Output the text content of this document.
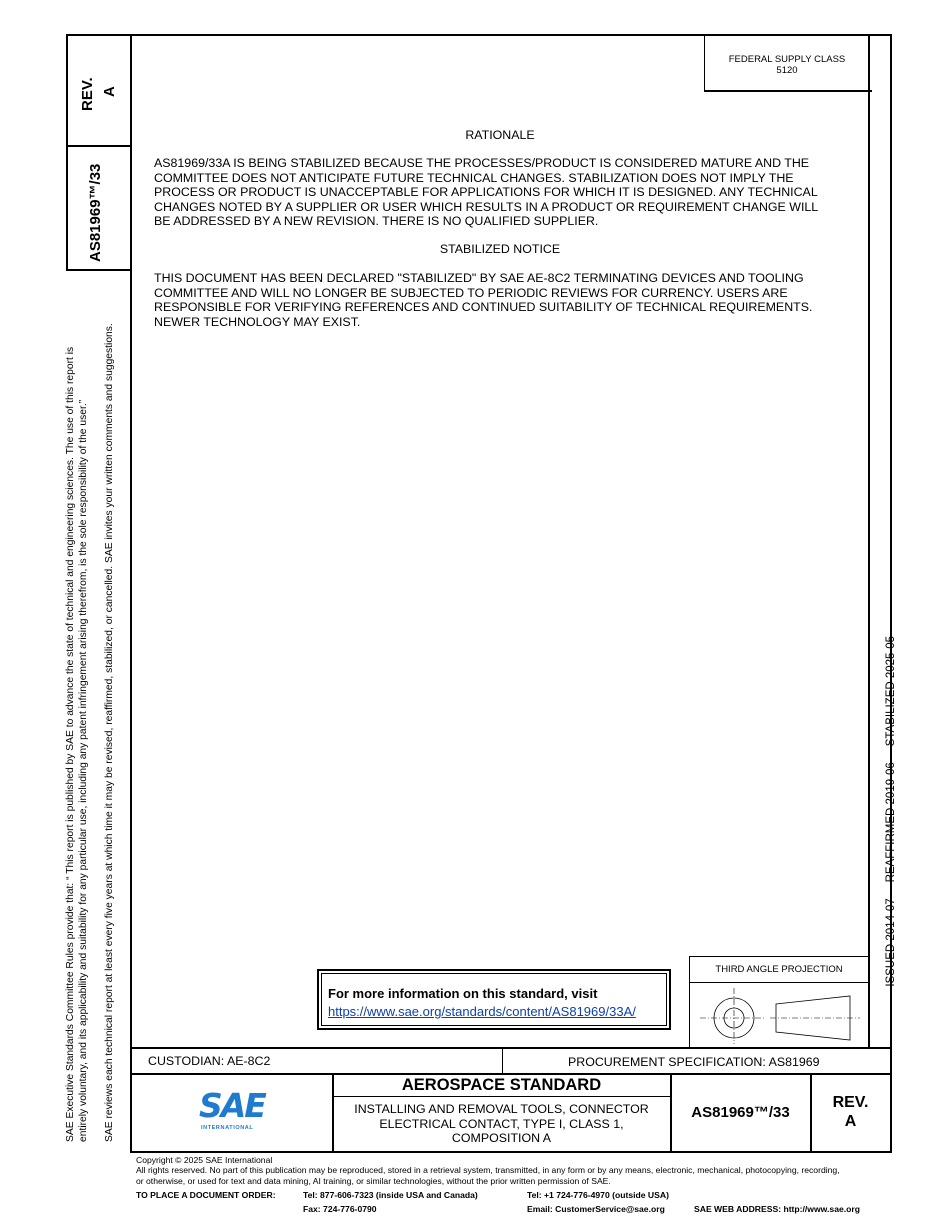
FEDERAL SUPPLY CLASS
5120
REV. A
AS81969™/33
SAE Executive Standards Committee Rules provide that: “ This report is published by SAE to advance the state of technical and engineering sciences. The use of this report is entirely voluntary, and its applicability and suitability for any particular use, including any patent infringement arising therefrom, is the sole responsibility of the user.” SAE reviews each technical report at least every five years at which time it may be revised, reaffirmed, stabilized, or cancelled. SAE invites your written comments and suggestions.
RATIONALE
AS81969/33A IS BEING STABILIZED BECAUSE THE PROCESSES/PRODUCT IS CONSIDERED MATURE AND THE
COMMITTEE DOES NOT ANTICIPATE FUTURE TECHNICAL CHANGES. STABILIZATION DOES NOT IMPLY THE
PROCESS OR PRODUCT IS UNACCEPTABLE FOR APPLICATIONS FOR WHICH IT IS DESIGNED. ANY TECHNICAL
CHANGES NOTED BY A SUPPLIER OR USER WHICH RESULTS IN A PRODUCT OR REQUIREMENT CHANGE WILL
BE ADDRESSED BY A NEW REVISION. THERE IS NO QUALIFIED SUPPLIER.
STABILIZED NOTICE
THIS DOCUMENT HAS BEEN DECLARED "STABILIZED" BY SAE AE-8C2 TERMINATING DEVICES AND TOOLING
COMMITTEE AND WILL NO LONGER BE SUBJECTED TO PERIODIC REVIEWS FOR CURRENCY. USERS ARE
RESPONSIBLE FOR VERIFYING REFERENCES AND CONTINUED SUITABILITY OF TECHNICAL REQUIREMENTS.
NEWER TECHNOLOGY MAY EXIST.

ISSUED 2014-07     REAFFIRMED 2019-06     STABILIZED 2025-05

For more information on this standard, visit
https://www.sae.org/standards/content/AS81969/33A/
THIRD ANGLE PROJECTION
CUSTODIAN: AE-8C2	PROCUREMENT SPECIFICATION: AS81969
SAE
INTERNATIONAL
AEROSPACE STANDARD
INSTALLING AND REMOVAL TOOLS, CONNECTOR
ELECTRICAL CONTACT, TYPE I, CLASS 1,
COMPOSITION A
AS81969™/33
REV.
A
Copyright © 2025 SAE International
All rights reserved. No part of this publication may be reproduced, stored in a retrieval system, transmitted, in any form or by any means, electronic, mechanical, photocopying, recording,
or otherwise, or used for text and data mining, AI training, or similar technologies, without the prior written permission of SAE.
TO PLACE A DOCUMENT ORDER:	Tel: 877-606-7323 (inside USA and Canada)	Tel: +1 724-776-4970 (outside USA)
Fax: 724-776-0790	Email: CustomerService@sae.org	SAE WEB ADDRESS: http://www.sae.org
